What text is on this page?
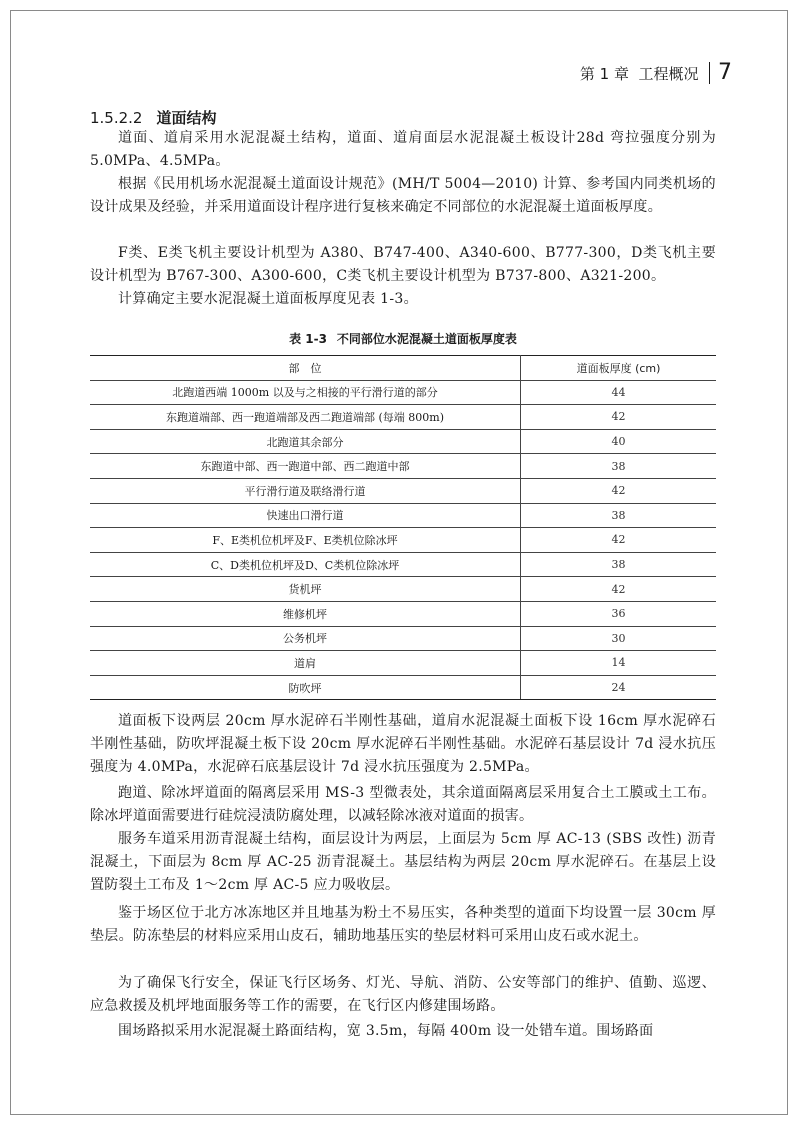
第 1 章  工程概况 7
1.5.2.2 道面结构

道面、道肩采用水泥混凝土结构，道面、道肩面层水泥混凝土板设计28d 弯拉强度分别为5.0MPa、4.5MPa。

根据《民用机场水泥混凝土道面设计规范》(MH/T 5004—2010) 计算、参考国内同类机场的设计成果及经验，并采用道面设计程序进行复核来确定不同部位的水泥混凝土道面板厚度。

F类、E类飞机主要设计机型为 A380、B747-400、A340-600、B777-300，D类飞机主要设计机型为 B767-300、A300-600，C类飞机主要设计机型为 B737-800、A321-200。

计算确定主要水泥混凝土道面板厚度见表 1-3。

表 1-3 不同部位水泥混凝土道面板厚度表
部　位	道面板厚度 (cm)
北跑道西端 1000m 以及与之相接的平行滑行道的部分	44
东跑道端部、西一跑道端部及西二跑道端部 (每端 800m)	42
北跑道其余部分	40
东跑道中部、西一跑道中部、西二跑道中部	38
平行滑行道及联络滑行道	42
快速出口滑行道	38
F、E类机位机坪及F、E类机位除冰坪	42
C、D类机位机坪及D、C类机位除冰坪	38
货机坪	42
维修机坪	36
公务机坪	30
道肩	14
防吹坪	24

道面板下设两层 20cm 厚水泥碎石半刚性基础，道肩水泥混凝土面板下设 16cm 厚水泥碎石半刚性基础，防吹坪混凝土板下设 20cm 厚水泥碎石半刚性基础。水泥碎石基层设计 7d 浸水抗压强度为 4.0MPa，水泥碎石底基层设计 7d 浸水抗压强度为 2.5MPa。

跑道、除冰坪道面的隔离层采用 MS-3 型微表处，其余道面隔离层采用复合土工膜或土工布。除冰坪道面需要进行硅烷浸渍防腐处理，以减轻除冰液对道面的损害。

服务车道采用沥青混凝土结构，面层设计为两层，上面层为 5cm 厚 AC-13 (SBS 改性) 沥青混凝土，下面层为 8cm 厚 AC-25 沥青混凝土。基层结构为两层 20cm 厚水泥碎石。在基层上设置防裂土工布及 1～2cm 厚 AC-5 应力吸收层。

鉴于场区位于北方冰冻地区并且地基为粉土不易压实，各种类型的道面下均设置一层 30cm 厚垫层。防冻垫层的材料应采用山皮石，辅助地基压实的垫层材料可采用山皮石或水泥土。

为了确保飞行安全，保证飞行区场务、灯光、导航、消防、公安等部门的维护、值勤、巡逻、应急救援及机坪地面服务等工作的需要，在飞行区内修建围场路。

围场路拟采用水泥混凝土路面结构，宽 3.5m，每隔 400m 设一处错车道。围场路面
